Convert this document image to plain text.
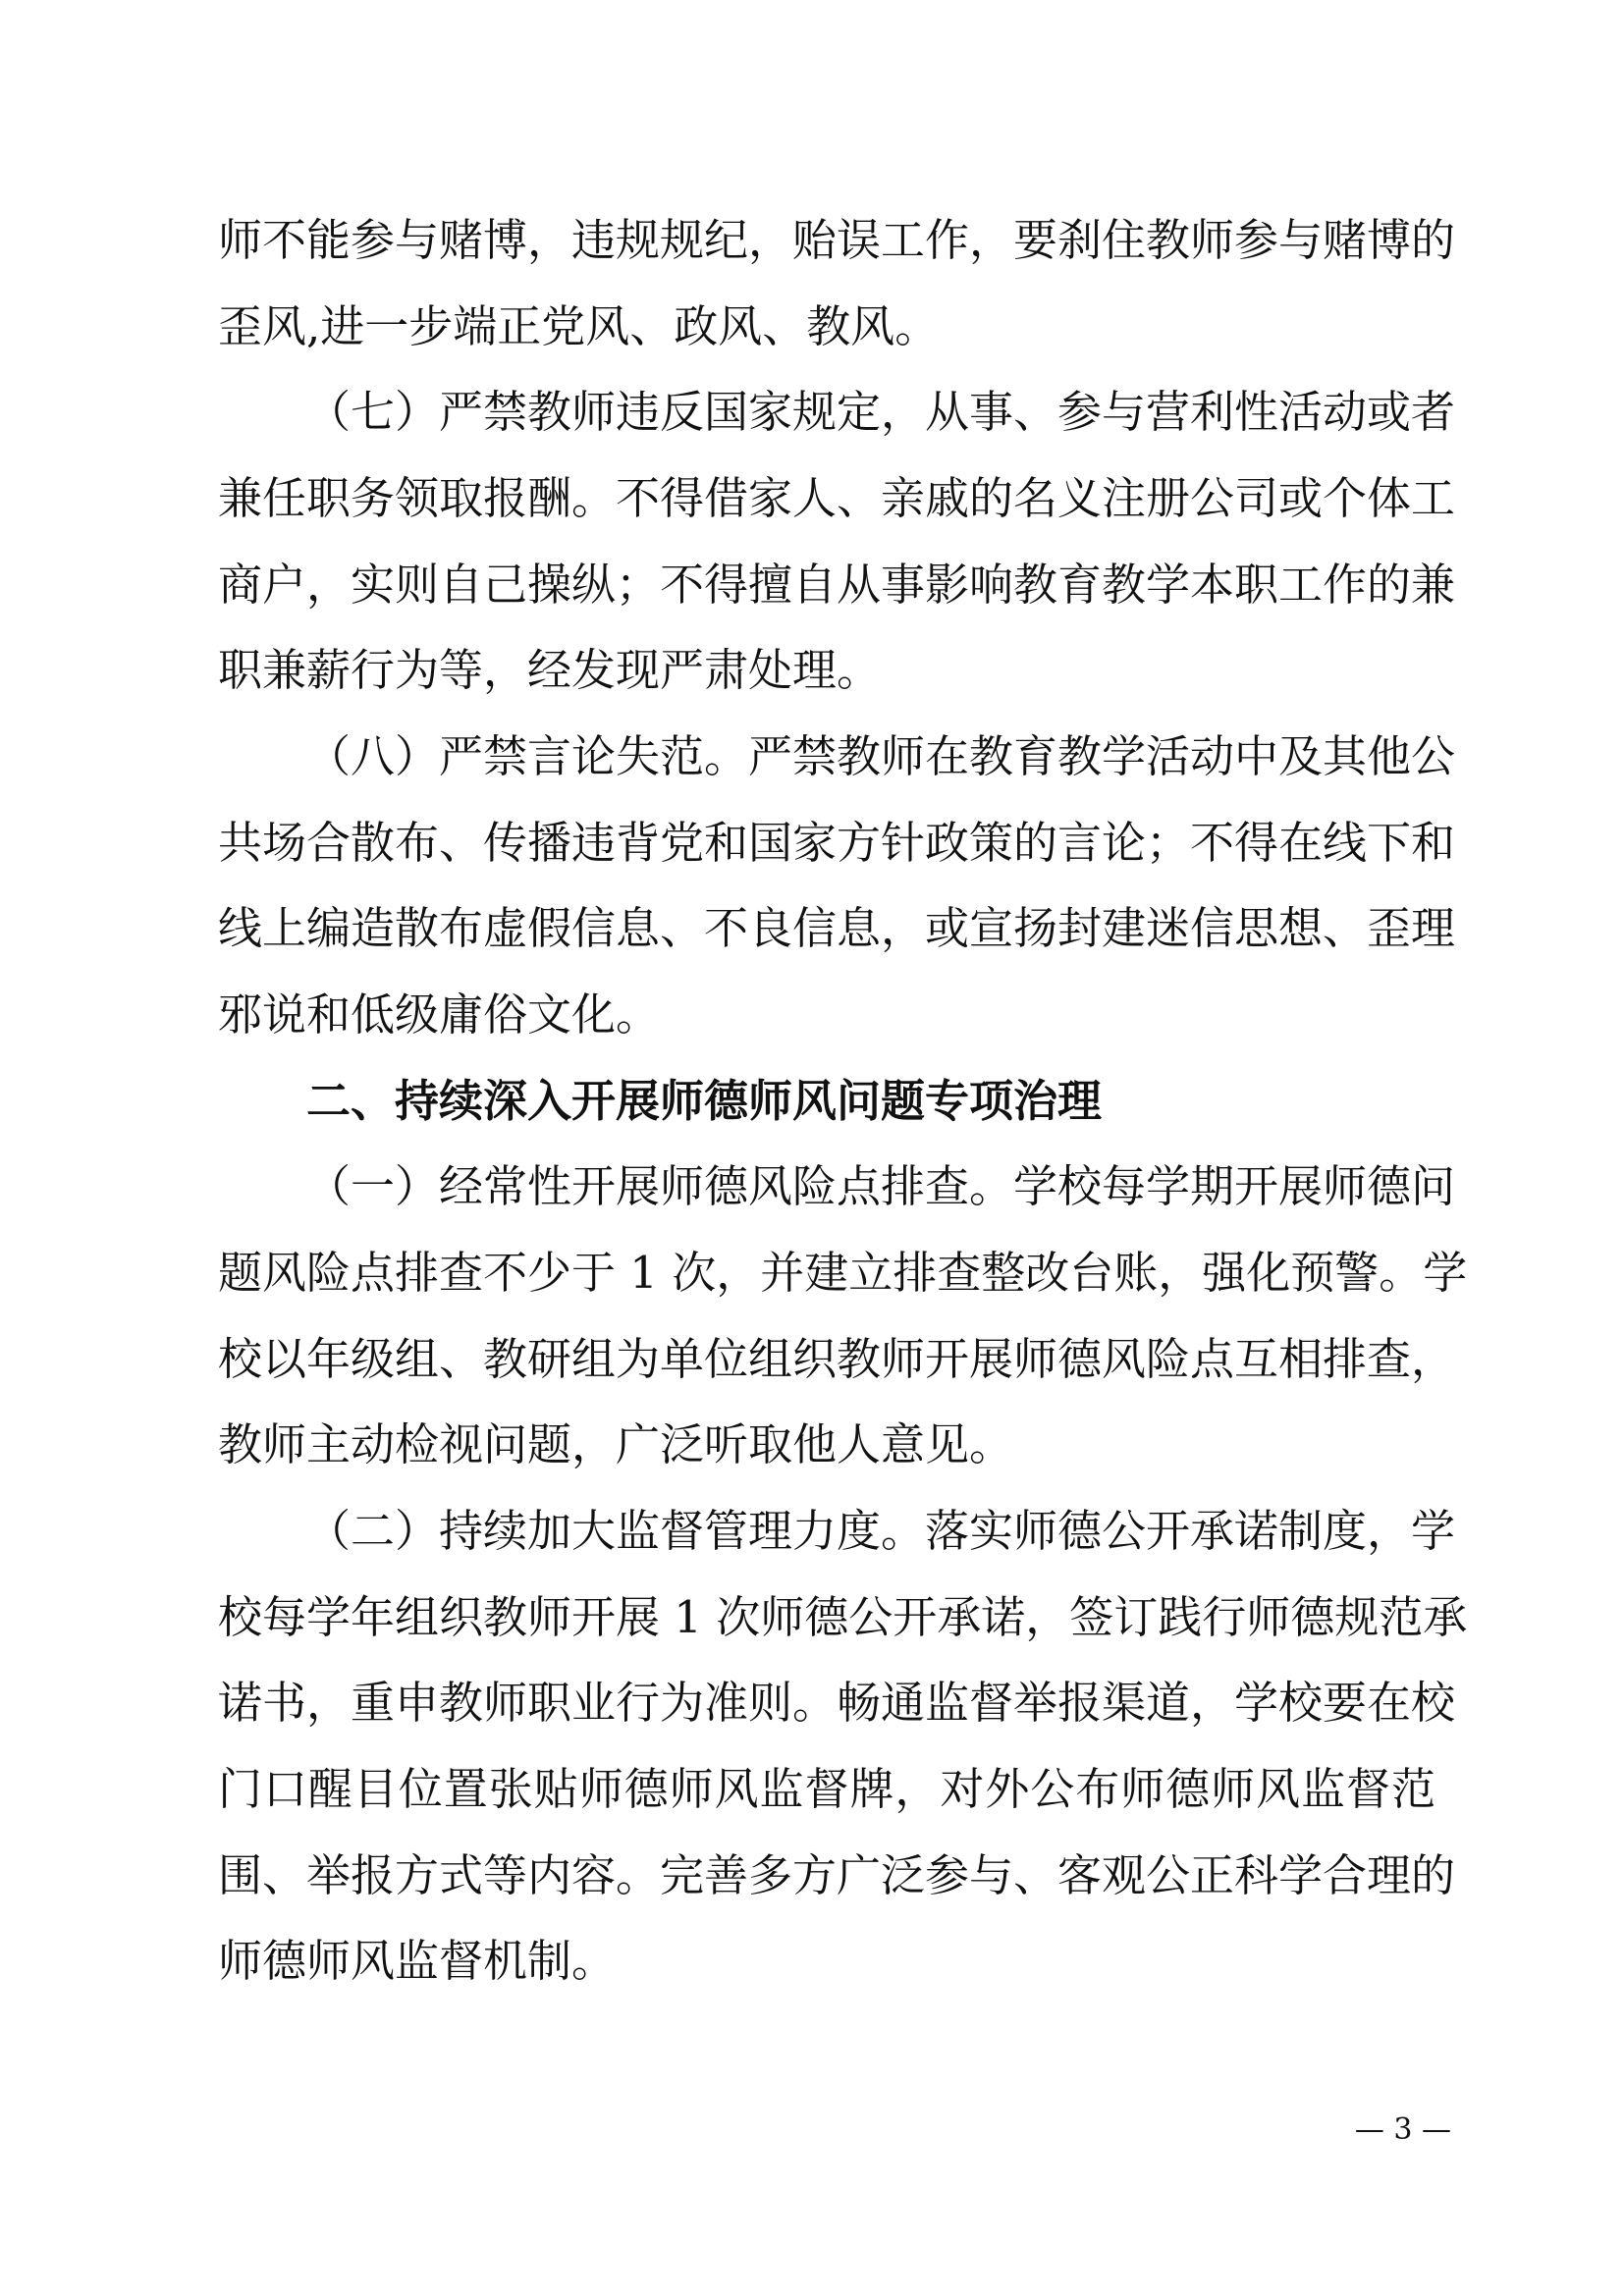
师不能参与赌博，违规规纪，贻误工作，要刹住教师参与赌博的
歪风,进一步端正党风、政风、教风。
（七）严禁教师违反国家规定，从事、参与营利性活动或者
兼任职务领取报酬。不得借家人、亲戚的名义注册公司或个体工
商户，实则自己操纵；不得擅自从事影响教育教学本职工作的兼
职兼薪行为等，经发现严肃处理。
（八）严禁言论失范。严禁教师在教育教学活动中及其他公
共场合散布、传播违背党和国家方针政策的言论；不得在线下和
线上编造散布虚假信息、不良信息，或宣扬封建迷信思想、歪理
邪说和低级庸俗文化。
二、持续深入开展师德师风问题专项治理
（一）经常性开展师德风险点排查。学校每学期开展师德问
题风险点排查不少于 1 次，并建立排查整改台账，强化预警。学
校以年级组、教研组为单位组织教师开展师德风险点互相排查，
教师主动检视问题，广泛听取他人意见。
（二）持续加大监督管理力度。落实师德公开承诺制度，学
校每学年组织教师开展 1 次师德公开承诺，签订践行师德规范承
诺书，重申教师职业行为准则。畅通监督举报渠道，学校要在校
门口醒目位置张贴师德师风监督牌，对外公布师德师风监督范
围、举报方式等内容。完善多方广泛参与、客观公正科学合理的
师德师风监督机制。
— 3 —
